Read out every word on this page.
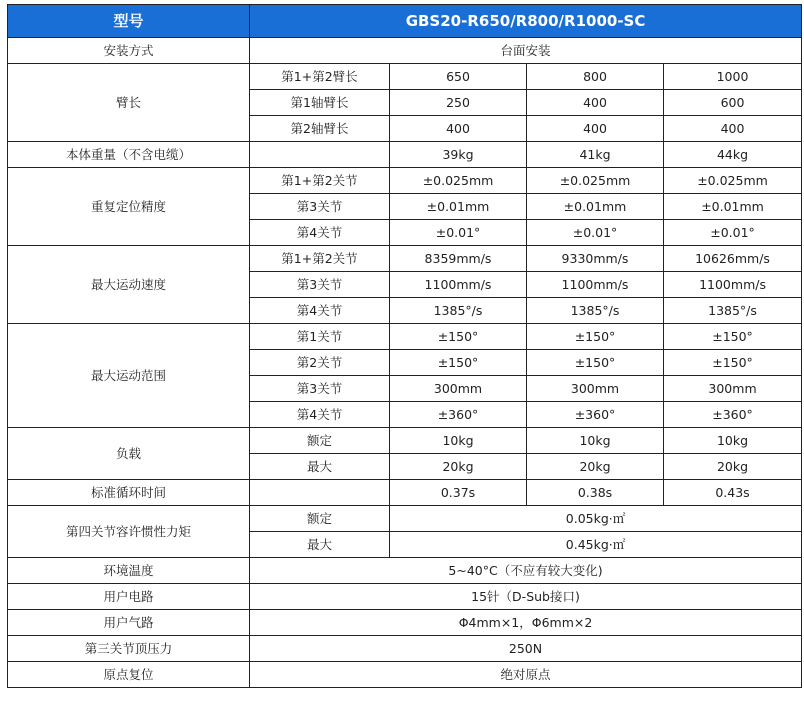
型号	GBS20-R650/R800/R1000-SC			
安装方式	台面安装			
臂长	第1+第2臂长	650	800	1000
	第1轴臂长	250	400	600
	第2轴臂长	400	400	400
本体重量（不含电缆）		39kg	41kg	44kg
重复定位精度	第1+第2关节	±0.025mm	±0.025mm	±0.025mm
	第3关节	±0.01mm	±0.01mm	±0.01mm
	第4关节	±0.01°	±0.01°	±0.01°
最大运动速度	第1+第2关节	8359mm/s	9330mm/s	10626mm/s
	第3关节	1100mm/s	1100mm/s	1100mm/s
	第4关节	1385°/s	1385°/s	1385°/s
最大运动范围	第1关节	±150°	±150°	±150°
	第2关节	±150°	±150°	±150°
	第3关节	300mm	300mm	300mm
	第4关节	±360°	±360°	±360°
负载	额定	10kg	10kg	10kg
	最大	20kg	20kg	20kg
标准循环时间		0.37s	0.38s	0.43s
第四关节容许惯性力矩	额定	0.05kg·㎡		
	最大	0.45kg·㎡		
环境温度	5~40°C（不应有较大变化)			
用户电路	15针（D-Sub接口)			
用户气路	Φ4mm×1，Φ6mm×2			
第三关节顶压力	250N			
原点复位	绝对原点			
